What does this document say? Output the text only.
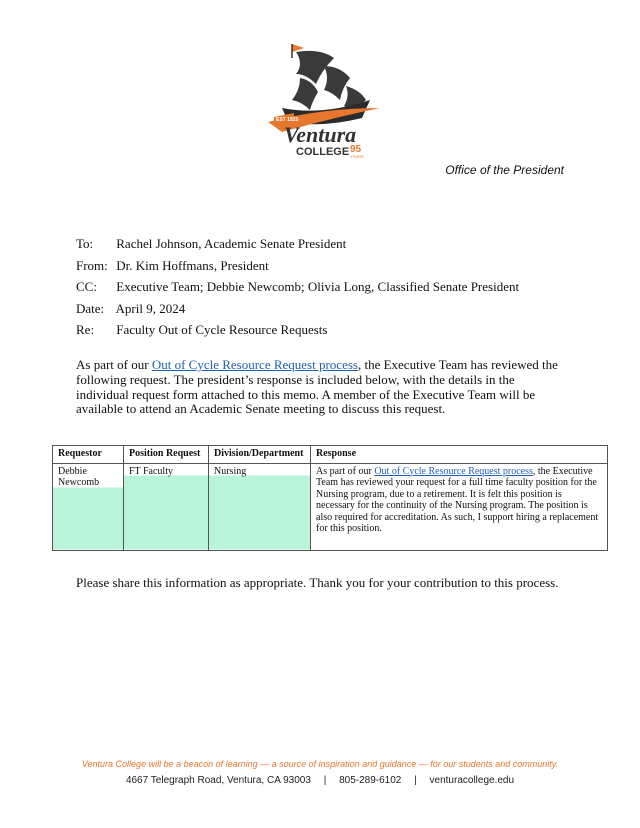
EST 1925
Ventura
COLLEGE 95
YEARS
Office of the President
To: Rachel Johnson, Academic Senate President
From: Dr. Kim Hoffmans, President
CC: Executive Team; Debbie Newcomb; Olivia Long, Classified Senate President
Date: April 9, 2024
Re: Faculty Out of Cycle Resource Requests

As part of our Out of Cycle Resource Request process, the Executive Team has reviewed the following request. The president’s response is included below, with the details in the individual request form attached to this memo. A member of the Executive Team will be available to attend an Academic Senate meeting to discuss this request.

Requestor	Position Request	Division/Department	Response
Debbie Newcomb	FT Faculty	Nursing	As part of our Out of Cycle Resource Request process, the Executive Team has reviewed your request for a full time faculty position for the Nursing program, due to a retirement. It is felt this position is necessary for the continuity of the Nursing program. The position is also required for accreditation. As such, I support hiring a replacement for this position.
Please share this information as appropriate. Thank you for your contribution to this process.
Ventura College will be a beacon of learning — a source of inspiration and guidance — for our students and community.
4667 Telegraph Road, Ventura, CA 93003 | 805-289-6102 | venturacollege.edu
